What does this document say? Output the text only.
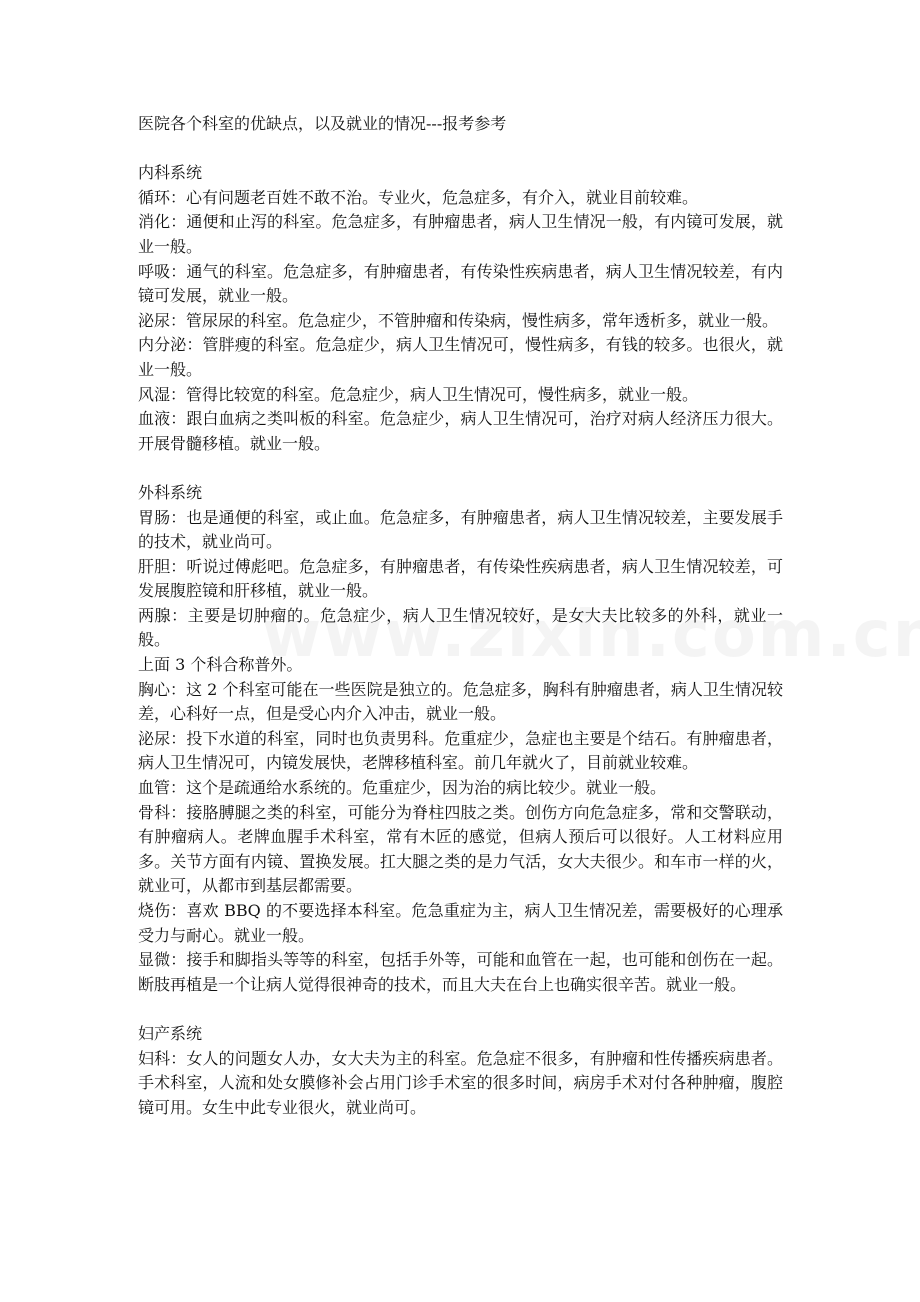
医院各个科室的优缺点，以及就业的情况---报考参考

内科系统

循环：心有问题老百姓不敢不治。专业火，危急症多，有介入，就业目前较难。

消化：通便和止泻的科室。危急症多，有肿瘤患者，病人卫生情况一般，有内镜可发展，就业一般。

呼吸：通气的科室。危急症多，有肿瘤患者，有传染性疾病患者，病人卫生情况较差，有内镜可发展，就业一般。

泌尿：管尿尿的科室。危急症少，不管肿瘤和传染病，慢性病多，常年透析多，就业一般。

内分泌：管胖瘦的科室。危急症少，病人卫生情况可，慢性病多，有钱的较多。也很火，就业一般。

风湿：管得比较宽的科室。危急症少，病人卫生情况可，慢性病多，就业一般。

血液：跟白血病之类叫板的科室。危急症少，病人卫生情况可，治疗对病人经济压力很大。开展骨髓移植。就业一般。

外科系统

胃肠：也是通便的科室，或止血。危急症多，有肿瘤患者，病人卫生情况较差，主要发展手的技术，就业尚可。

肝胆：听说过傅彪吧。危急症多，有肿瘤患者，有传染性疾病患者，病人卫生情况较差，可发展腹腔镜和肝移植，就业一般。

两腺：主要是切肿瘤的。危急症少，病人卫生情况较好，是女大夫比较多的外科，就业一般。

上面 3 个科合称普外。

胸心：这 2 个科室可能在一些医院是独立的。危急症多，胸科有肿瘤患者，病人卫生情况较差，心科好一点，但是受心内介入冲击，就业一般。

泌尿：投下水道的科室，同时也负责男科。危重症少，急症也主要是个结石。有肿瘤患者，病人卫生情况可，内镜发展快，老牌移植科室。前几年就火了，目前就业较难。

血管：这个是疏通给水系统的。危重症少，因为治的病比较少。就业一般。

骨科：接胳膊腿之类的科室，可能分为脊柱四肢之类。创伤方向危急症多，常和交警联动，有肿瘤病人。老牌血腥手术科室，常有木匠的感觉，但病人预后可以很好。人工材料应用多。关节方面有内镜、置换发展。扛大腿之类的是力气活，女大夫很少。和车市一样的火，就业可，从都市到基层都需要。

烧伤：喜欢 BBQ 的不要选择本科室。危急重症为主，病人卫生情况差，需要极好的心理承受力与耐心。就业一般。

显微：接手和脚指头等等的科室，包括手外等，可能和血管在一起，也可能和创伤在一起。断肢再植是一个让病人觉得很神奇的技术，而且大夫在台上也确实很辛苦。就业一般。

妇产系统

妇科：女人的问题女人办，女大夫为主的科室。危急症不很多，有肿瘤和性传播疾病患者。手术科室，人流和处女膜修补会占用门诊手术室的很多时间，病房手术对付各种肿瘤，腹腔镜可用。女生中此专业很火，就业尚可。
